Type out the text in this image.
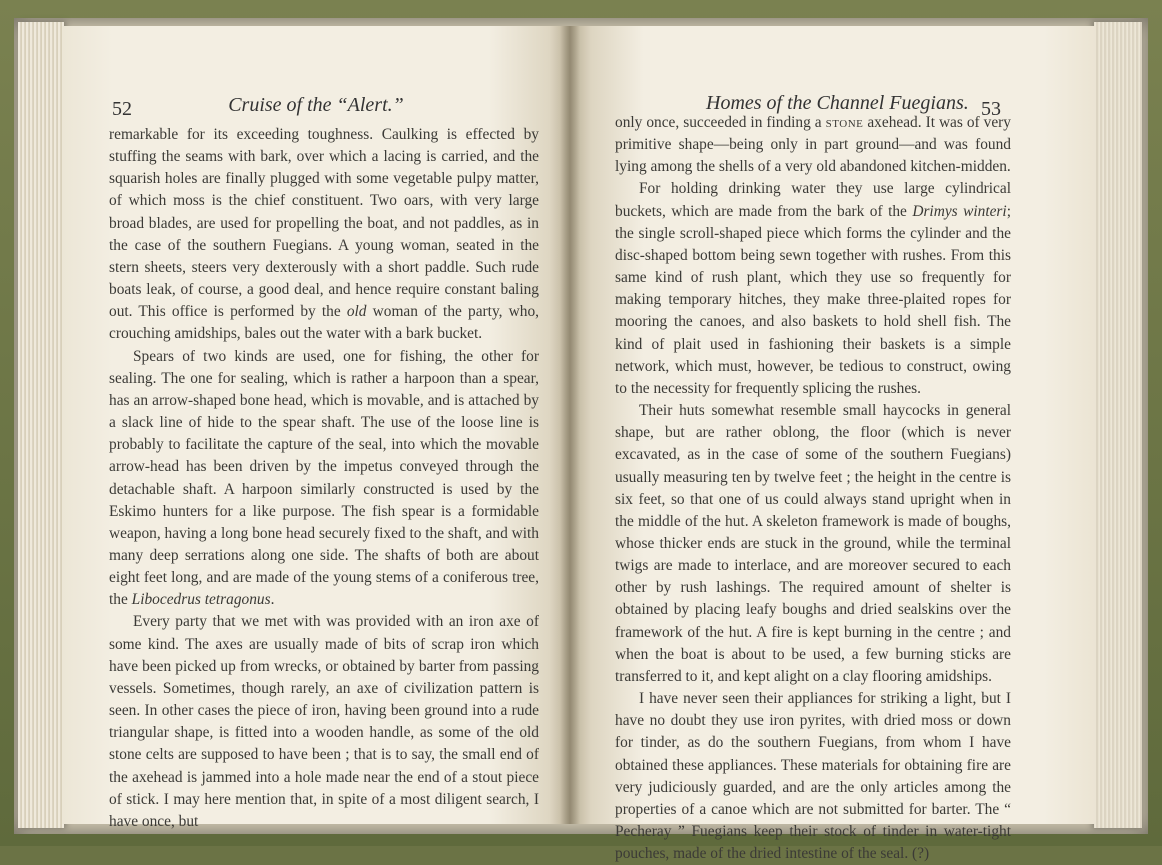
52	Cruise of the “Alert.”

remarkable for its exceeding toughness. Caulking is effected by stuffing the seams with bark, over which a lacing is carried, and the squarish holes are finally plugged with some vegetable pulpy matter, of which moss is the chief constituent. Two oars, with very large broad blades, are used for propelling the boat, and not paddles, as in the case of the southern Fuegians. A young woman, seated in the stern sheets, steers very dexterously with a short paddle. Such rude boats leak, of course, a good deal, and hence require constant baling out. This office is performed by the old woman of the party, who, crouching amidships, bales out the water with a bark bucket.

Spears of two kinds are used, one for fishing, the other for sealing. The one for sealing, which is rather a harpoon than a spear, has an arrow-shaped bone head, which is movable, and is attached by a slack line of hide to the spear shaft. The use of the loose line is probably to facilitate the capture of the seal, into which the movable arrow-head has been driven by the impetus conveyed through the detachable shaft. A harpoon similarly constructed is used by the Eskimo hunters for a like purpose. The fish spear is a formidable weapon, having a long bone head securely fixed to the shaft, and with many deep serrations along one side. The shafts of both are about eight feet long, and are made of the young stems of a coniferous tree, the Libocedrus tetragonus.

Every party that we met with was provided with an iron axe of some kind. The axes are usually made of bits of scrap iron which have been picked up from wrecks, or obtained by barter from passing vessels. Sometimes, though rarely, an axe of civilization pattern is seen. In other cases the piece of iron, having been ground into a rude triangular shape, is fitted into a wooden handle, as some of the old stone celts are supposed to have been ; that is to say, the small end of the axehead is jammed into a hole made near the end of a stout piece of stick. I may here mention that, in spite of a most diligent search, I have once, but

Homes of the Channel Fuegians. 53

only once, succeeded in finding a stone axehead. It was of very primitive shape—being only in part ground—and was found lying among the shells of a very old abandoned kitchen-midden.

For holding drinking water they use large cylindrical buckets, which are made from the bark of the Drimys winteri; the single scroll-shaped piece which forms the cylinder and the disc-shaped bottom being sewn together with rushes. From this same kind of rush plant, which they use so frequently for making temporary hitches, they make three-plaited ropes for mooring the canoes, and also baskets to hold shell fish. The kind of plait used in fashioning their baskets is a simple network, which must, however, be tedious to construct, owing to the necessity for frequently splicing the rushes.

Their huts somewhat resemble small haycocks in general shape, but are rather oblong, the floor (which is never excavated, as in the case of some of the southern Fuegians) usually measuring ten by twelve feet ; the height in the centre is six feet, so that one of us could always stand upright when in the middle of the hut. A skeleton framework is made of boughs, whose thicker ends are stuck in the ground, while the terminal twigs are made to interlace, and are moreover secured to each other by rush lashings. The required amount of shelter is obtained by placing leafy boughs and dried sealskins over the framework of the hut. A fire is kept burning in the centre ; and when the boat is about to be used, a few burning sticks are transferred to it, and kept alight on a clay flooring amidships.

I have never seen their appliances for striking a light, but I have no doubt they use iron pyrites, with dried moss or down for tinder, as do the southern Fuegians, from whom I have obtained these appliances. These materials for obtaining fire are very judiciously guarded, and are the only articles among the properties of a canoe which are not submitted for barter. The “ Pecheray ” Fuegians keep their stock of tinder in water-tight pouches, made of the dried intestine of the seal. (?)
